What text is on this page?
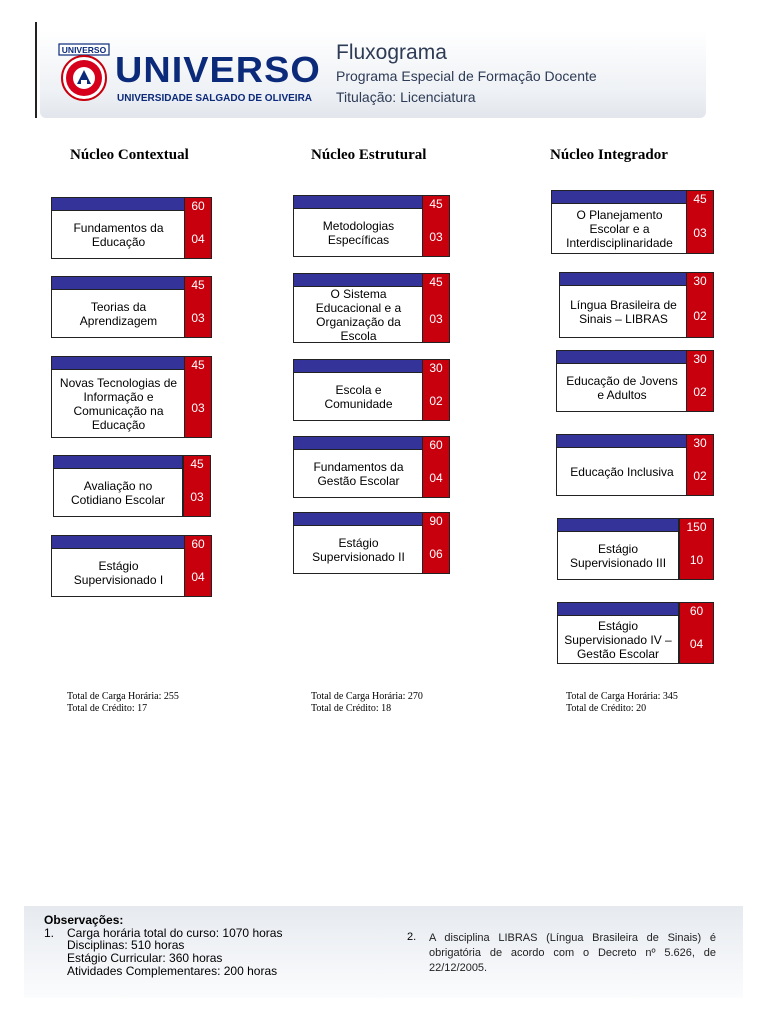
UNIVERSO UNIVERSO
UNIVERSIDADE SALGADO DE OLIVEIRA
Fluxograma
Programa Especial de Formação Docente
Titulação: Licenciatura
Núcleo Contextual	Núcleo Estrutural	Núcleo Integrador
Fundamentos da Educação
60
04
Teorias da Aprendizagem
45
03
Novas Tecnologias de Informação e Comunicação na Educação
45
03
Avaliação no Cotidiano Escolar
45
03
Estágio Supervisionado I
60
04
Metodologias Específicas
45
03
O Sistema Educacional e a Organização da Escola
45
03
Escola e Comunidade
30
02
Fundamentos da Gestão Escolar
60
04
Estágio Supervisionado II
90
06
O Planejamento Escolar e a Interdisciplinaridade
45
03
Língua Brasileira de Sinais – LIBRAS
30
02
Educação de Jovens e Adultos
30
02
Educação Inclusiva
30
02
Estágio Supervisionado III
150
10
Estágio Supervisionado IV – Gestão Escolar
60
04
Total de Carga Horária: 255
Total de Crédito: 17
Total de Carga Horária: 270
Total de Crédito: 18
Total de Carga Horária: 345
Total de Crédito: 20
Observações:
1. Carga horária total do curso: 1070 horas
Disciplinas: 510 horas
Estágio Curricular: 360 horas
Atividades Complementares: 200 horas
2. A disciplina LIBRAS (Língua Brasileira de Sinais) é obrigatória de acordo com o Decreto nº 5.626, de 22/12/2005.
